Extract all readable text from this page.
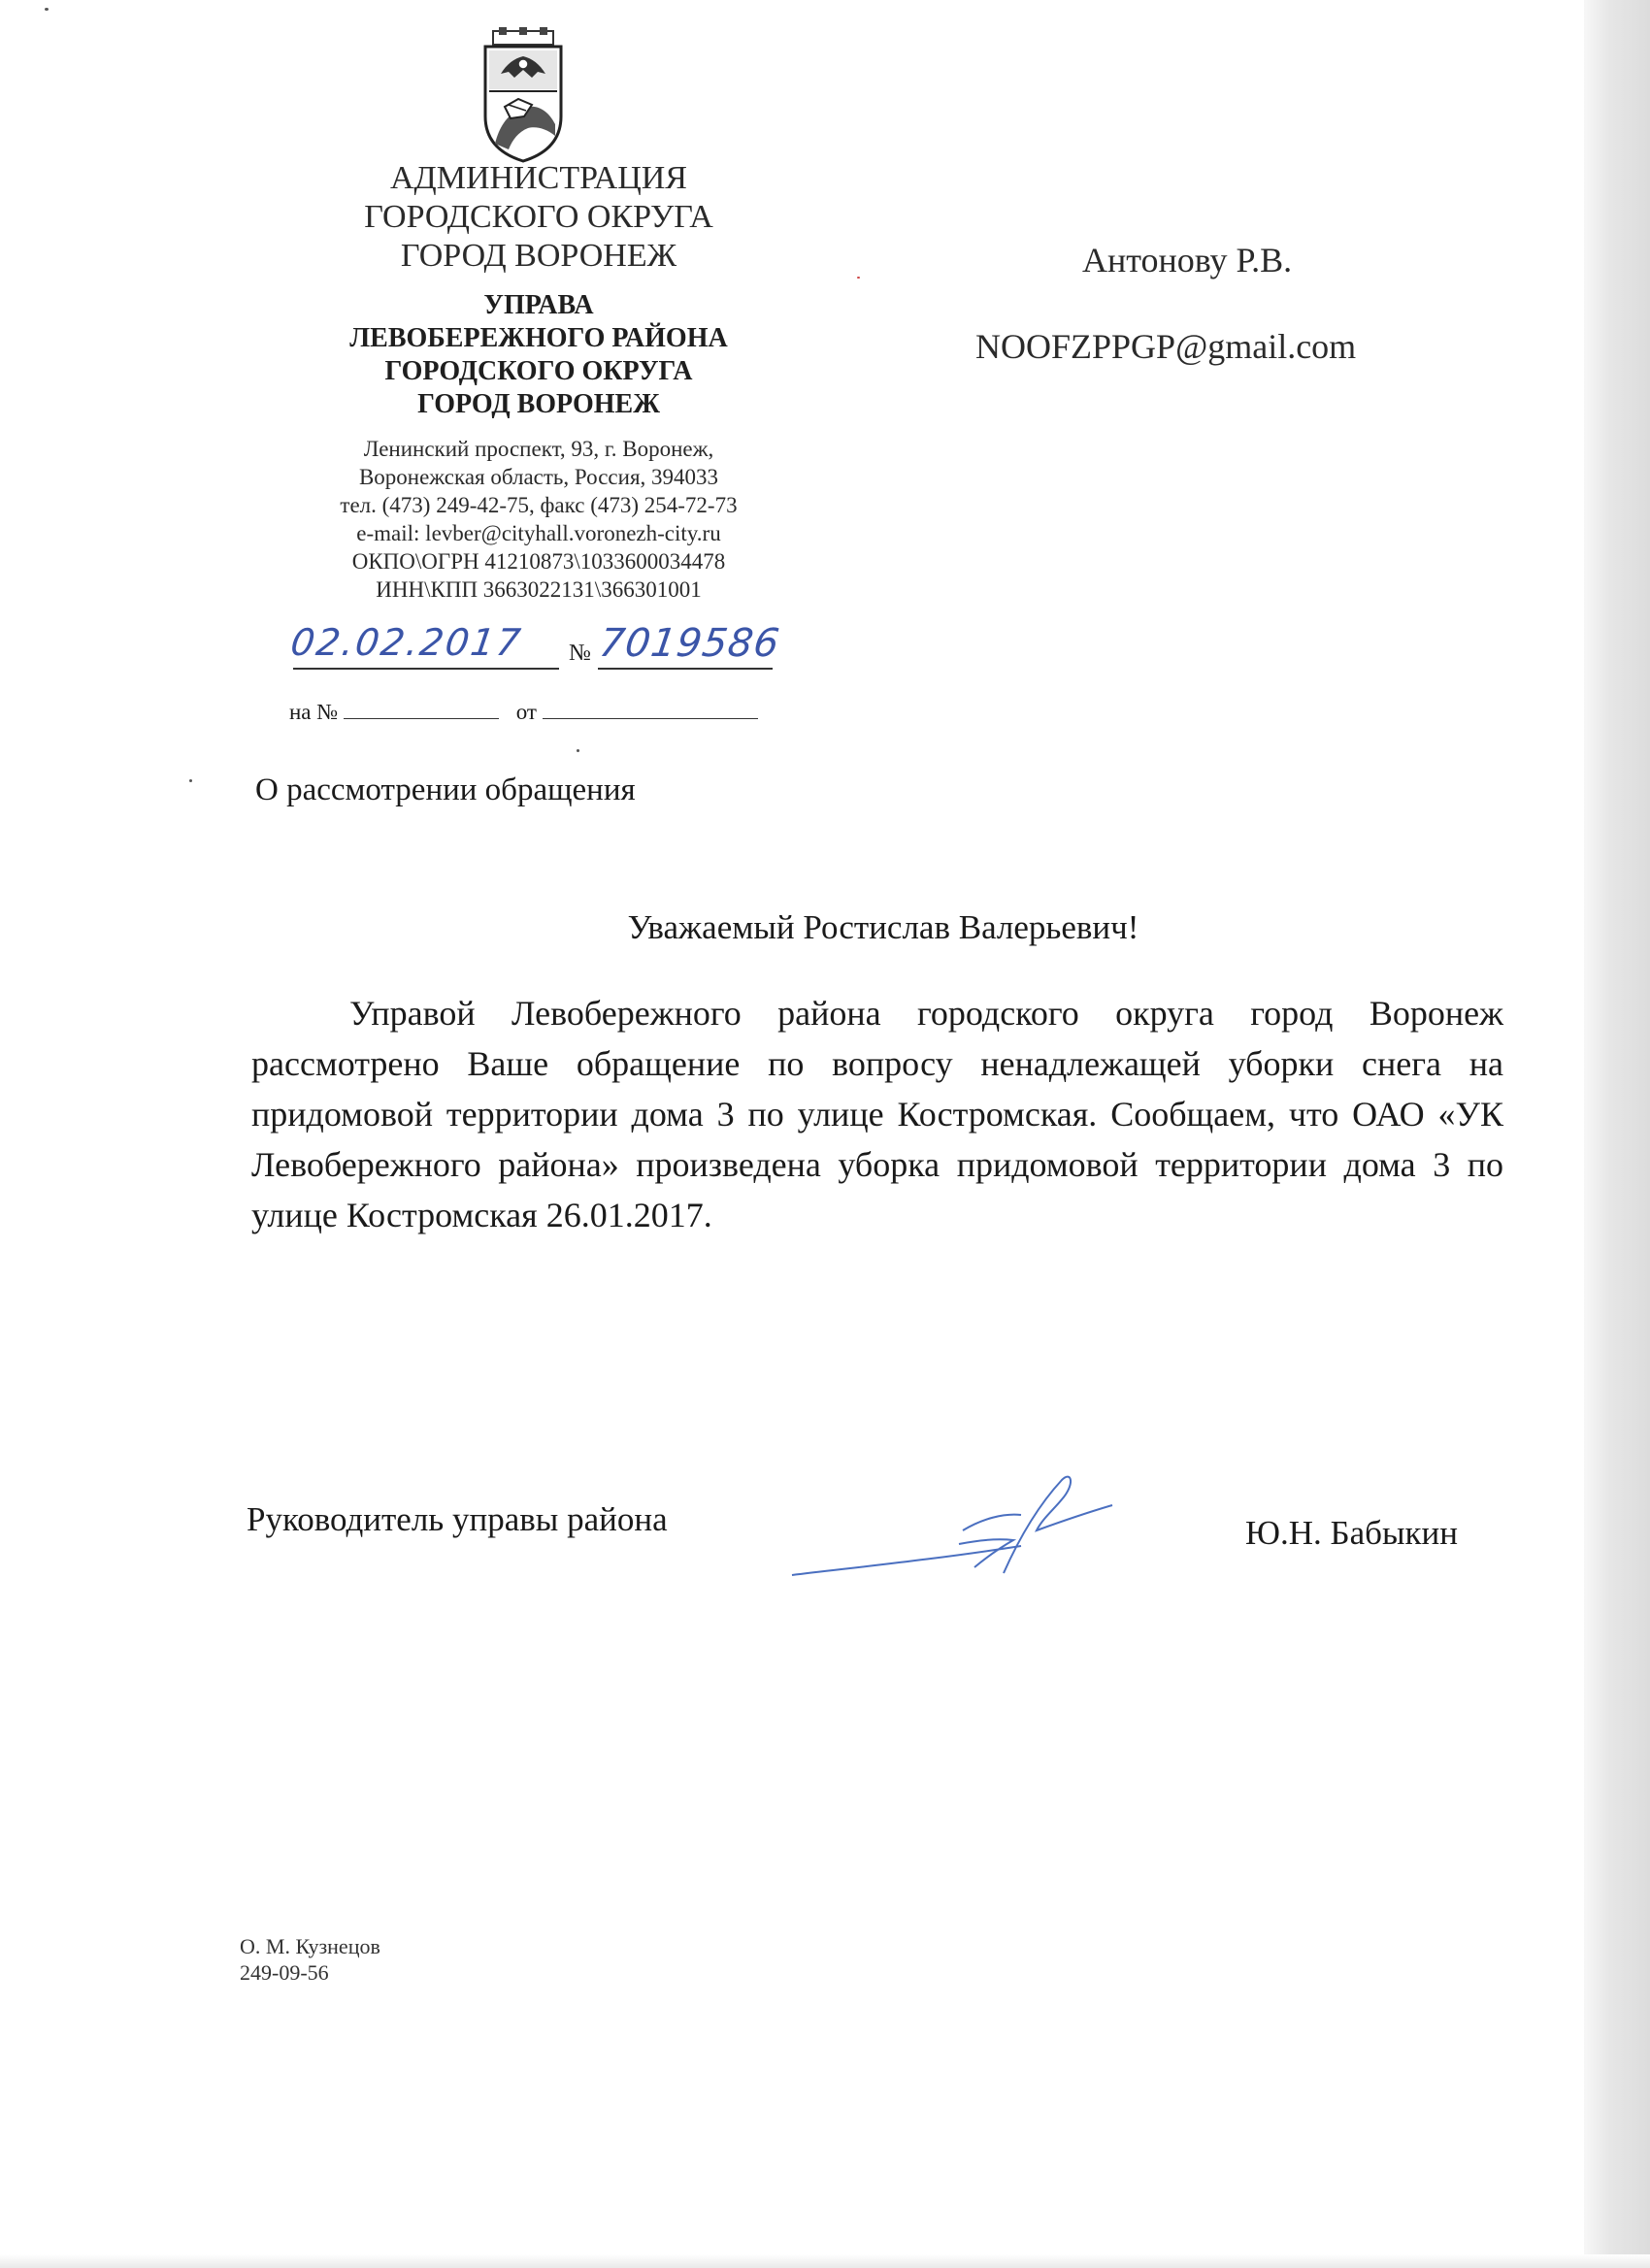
АДМИНИСТРАЦИЯ
ГОРОДСКОГО ОКРУГА
ГОРОД ВОРОНЕЖ
УПРАВА
ЛЕВОБЕРЕЖНОГО РАЙОНА
ГОРОДСКОГО ОКРУГА
ГОРОД ВОРОНЕЖ
Ленинский проспект, 93, г. Воронеж,
Воронежская область, Россия, 394033
тел. (473) 249-42-75, факс (473) 254-72-73
e-mail: levber@cityhall.voronezh-city.ru
ОКПО\ОГРН 41210873\1033600034478
ИНН\КПП 3663022131\366301001
02.02.2017 № 7019586
на №	от
Антонову Р.В.
NOOFZPPGP@gmail.com
О рассмотрении обращения
Уважаемый Ростислав Валерьевич!
Управой Левобережного района городского округа город Воронеж рассмотрено Ваше обращение по вопросу ненадлежащей уборки снега на придомовой территории дома 3 по улице Костромская. Сообщаем, что ОАО «УК Левобережного района» произведена уборка придомовой территории дома 3 по улице Костромская 26.01.2017.
Руководитель управы района	Ю.Н. Бабыкин
О. М. Кузнецов
249-09-56
